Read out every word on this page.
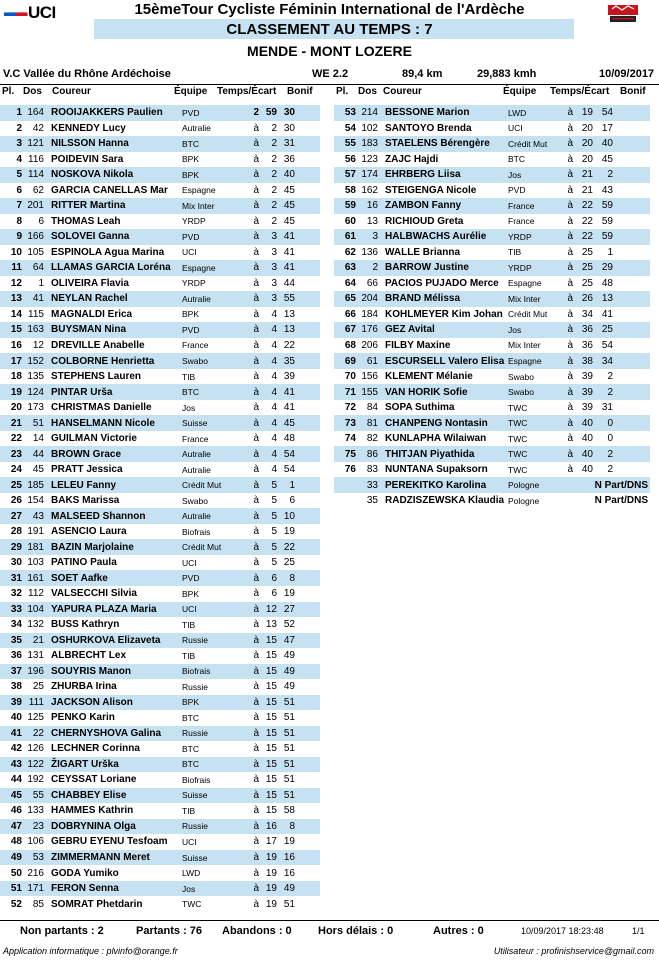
▬▬UCI	15èmeTour Cycliste Féminin International de l'Ardèche
CLASSEMENT AU TEMPS : 7
MENDE - MONT LOZERE
V.C Vallée du Rhône Ardéchoise	WE 2.2	89,4 km	29,883 kmh	10/09/2017
Pl. Dos Coureur	Équipe Temps/Écart Bonif Pl. Dos Coureur	Équipe Temps/Écart Bonif
1	164	ROOIJAKKERS Paulien	PVD	2	59	30	
2	42	KENNEDY Lucy	Autralie	à	2	30	
3	121	NILSSON Hanna	BTC	à	2	31	
4	116	POIDEVIN Sara	BPK	à	2	36	
5	114	NOSKOVA Nikola	BPK	à	2	40	
6	62	GARCIA CANELLAS Mar	Espagne	à	2	45	
7	201	RITTER Martina	Mix Inter	à	2	45	
8	6	THOMAS Leah	YRDP	à	2	45	
9	166	SOLOVEI Ganna	PVD	à	3	41	
10	105	ESPINOLA Agua Marina	UCI	à	3	41	
11	64	LLAMAS GARCIA Loréna	Espagne	à	3	41	
12	1	OLIVEIRA Flavia	YRDP	à	3	44	
13	41	NEYLAN Rachel	Autralie	à	3	55	
14	115	MAGNALDI Erica	BPK	à	4	13	
15	163	BUYSMAN Nina	PVD	à	4	13	
16	12	DREVILLE Anabelle	France	à	4	22	
17	152	COLBORNE Henrietta	Swabo	à	4	35	
18	135	STEPHENS Lauren	TIB	à	4	39	
19	124	PINTAR Urša	BTC	à	4	41	
20	173	CHRISTMAS Danielle	Jos	à	4	41	
21	51	HANSELMANN Nicole	Suisse	à	4	45	
22	14	GUILMAN Victorie	France	à	4	48	
23	44	BROWN Grace	Autralie	à	4	54	
24	45	PRATT Jessica	Autralie	à	4	54	
25	185	LELEU Fanny	Crédit Mut	à	5	1	
26	154	BAKS Marissa	Swabo	à	5	6	
27	43	MALSEED Shannon	Autralie	à	5	10	
28	191	ASENCIO Laura	Biofrais	à	5	19	
29	181	BAZIN Marjolaine	Crédit Mut	à	5	22	
30	103	PATINO Paula	UCI	à	5	25	
31	161	SOET Aafke	PVD	à	6	8	
32	112	VALSECCHI Silvia	BPK	à	6	19	
33	104	YAPURA PLAZA Maria	UCI	à	12	27	
34	132	BUSS Kathryn	TIB	à	13	52	
35	21	OSHURKOVA Elizaveta	Russie	à	15	47	
36	131	ALBRECHT Lex	TIB	à	15	49	
37	196	SOUYRIS Manon	Biofrais	à	15	49	
38	25	ZHURBA Irina	Russie	à	15	49	
39	111	JACKSON Alison	BPK	à	15	51	
40	125	PENKO Karin	BTC	à	15	51	
41	22	CHERNYSHOVA Galina	Russie	à	15	51	
42	126	LECHNER Corinna	BTC	à	15	51	
43	122	ŽIGART Urška	BTC	à	15	51	
44	192	CEYSSAT Loriane	Biofrais	à	15	51	
45	55	CHABBEY Elise	Suisse	à	15	51	
46	133	HAMMES Kathrin	TIB	à	15	58	
47	23	DOBRYNINA Olga	Russie	à	16	8	
48	106	GEBRU EYENU Tesfoam	UCI	à	17	19	
49	53	ZIMMERMANN Meret	Suisse	à	19	16	
50	216	GODA Yumiko	LWD	à	19	16	
51	171	FERON Senna	Jos	à	19	49	
52	85	SOMRAT Phetdarin	TWC	à	19	51	
53	214	BESSONE Marion	LWD	à	19	54	
54	102	SANTOYO Brenda	UCI	à	20	17	
55	183	STAELENS Bérengère	Crédit Mut	à	20	40	
56	123	ZAJC Hajdi	BTC	à	20	45	
57	174	EHRBERG Liisa	Jos	à	21	2	
58	162	STEIGENGA Nicole	PVD	à	21	43	
59	16	ZAMBON Fanny	France	à	22	59	
60	13	RICHIOUD Greta	France	à	22	59	
61	3	HALBWACHS Aurélie	YRDP	à	22	59	
62	136	WALLE Brianna	TIB	à	25	1	
63	2	BARROW Justine	YRDP	à	25	29	
64	66	PACIOS PUJADO Merce	Espagne	à	25	48	
65	204	BRAND Mélissa	Mix Inter	à	26	13	
66	184	KOHLMEYER Kim Johan	Crédit Mut	à	34	41	
67	176	GEZ Avital	Jos	à	36	25	
68	206	FILBY Maxine	Mix Inter	à	36	54	
69	61	ESCURSELL Valero Elisa	Espagne	à	38	34	
70	156	KLEMENT Mélanie	Swabo	à	39	2	
71	155	VAN HORIK Sofie	Swabo	à	39	2	
72	84	SOPA Suthima	TWC	à	39	31	
73	81	CHANPENG Nontasin	TWC	à	40	0	
74	82	KUNLAPHA Wilaiwan	TWC	à	40	0	
75	86	THITJAN Piyathida	TWC	à	40	2	
76	83	NUNTANA Supaksorn	TWC	à	40	2	
	33	PEREKITKO Karolina	Pologne	N Part/DNS			
	35	RADZISZEWSKA Klaudia	Pologne	N Part/DNS			
Non partants : 2	Partants : 76 Abandons : 0 Hors délais : 0	Autres : 0	10/09/2017 18:23:48	1/1
Application informatique : plvinfo@orange.fr	Utilisateur : profinishservice@gmail.com
